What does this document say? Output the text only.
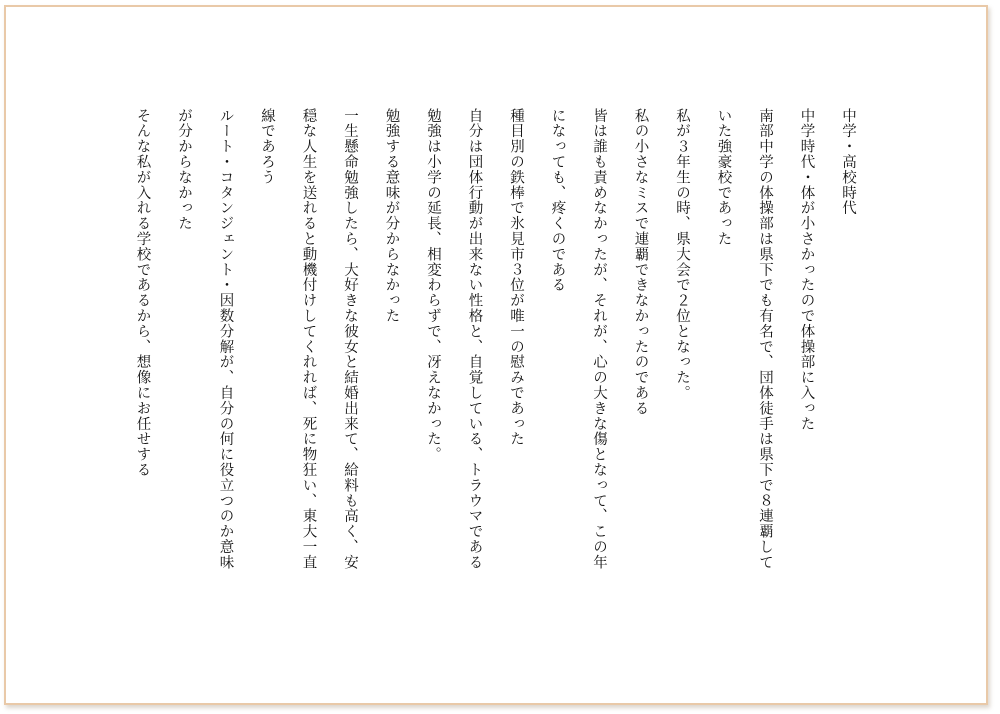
中学・高校時代
中学時代・体が小さかったので体操部に入った
南部中学の体操部は県下でも有名で、団体徒手は県下で８連覇して
いた強豪校であった
私が３年生の時、県大会で２位となった。
私の小さなミスで連覇できなかったのである
皆は誰も責めなかったが、それが、心の大きな傷となって、この年
になっても、疼くのである
種目別の鉄棒で氷見市３位が唯一の慰みであった
自分は団体行動が出来ない性格と、自覚している、トラウマである
勉強は小学の延長、相変わらずで、冴えなかった。
勉強する意味が分からなかった
一生懸命勉強したら、大好きな彼女と結婚出来て、給料も高く、安
穏な人生を送れると動機付けしてくれれば、死に物狂い、東大一直
線であろう
ルート・コタンジェント・因数分解が、自分の何に役立つのか意味
が分からなかった
そんな私が入れる学校であるから、想像にお任せする
